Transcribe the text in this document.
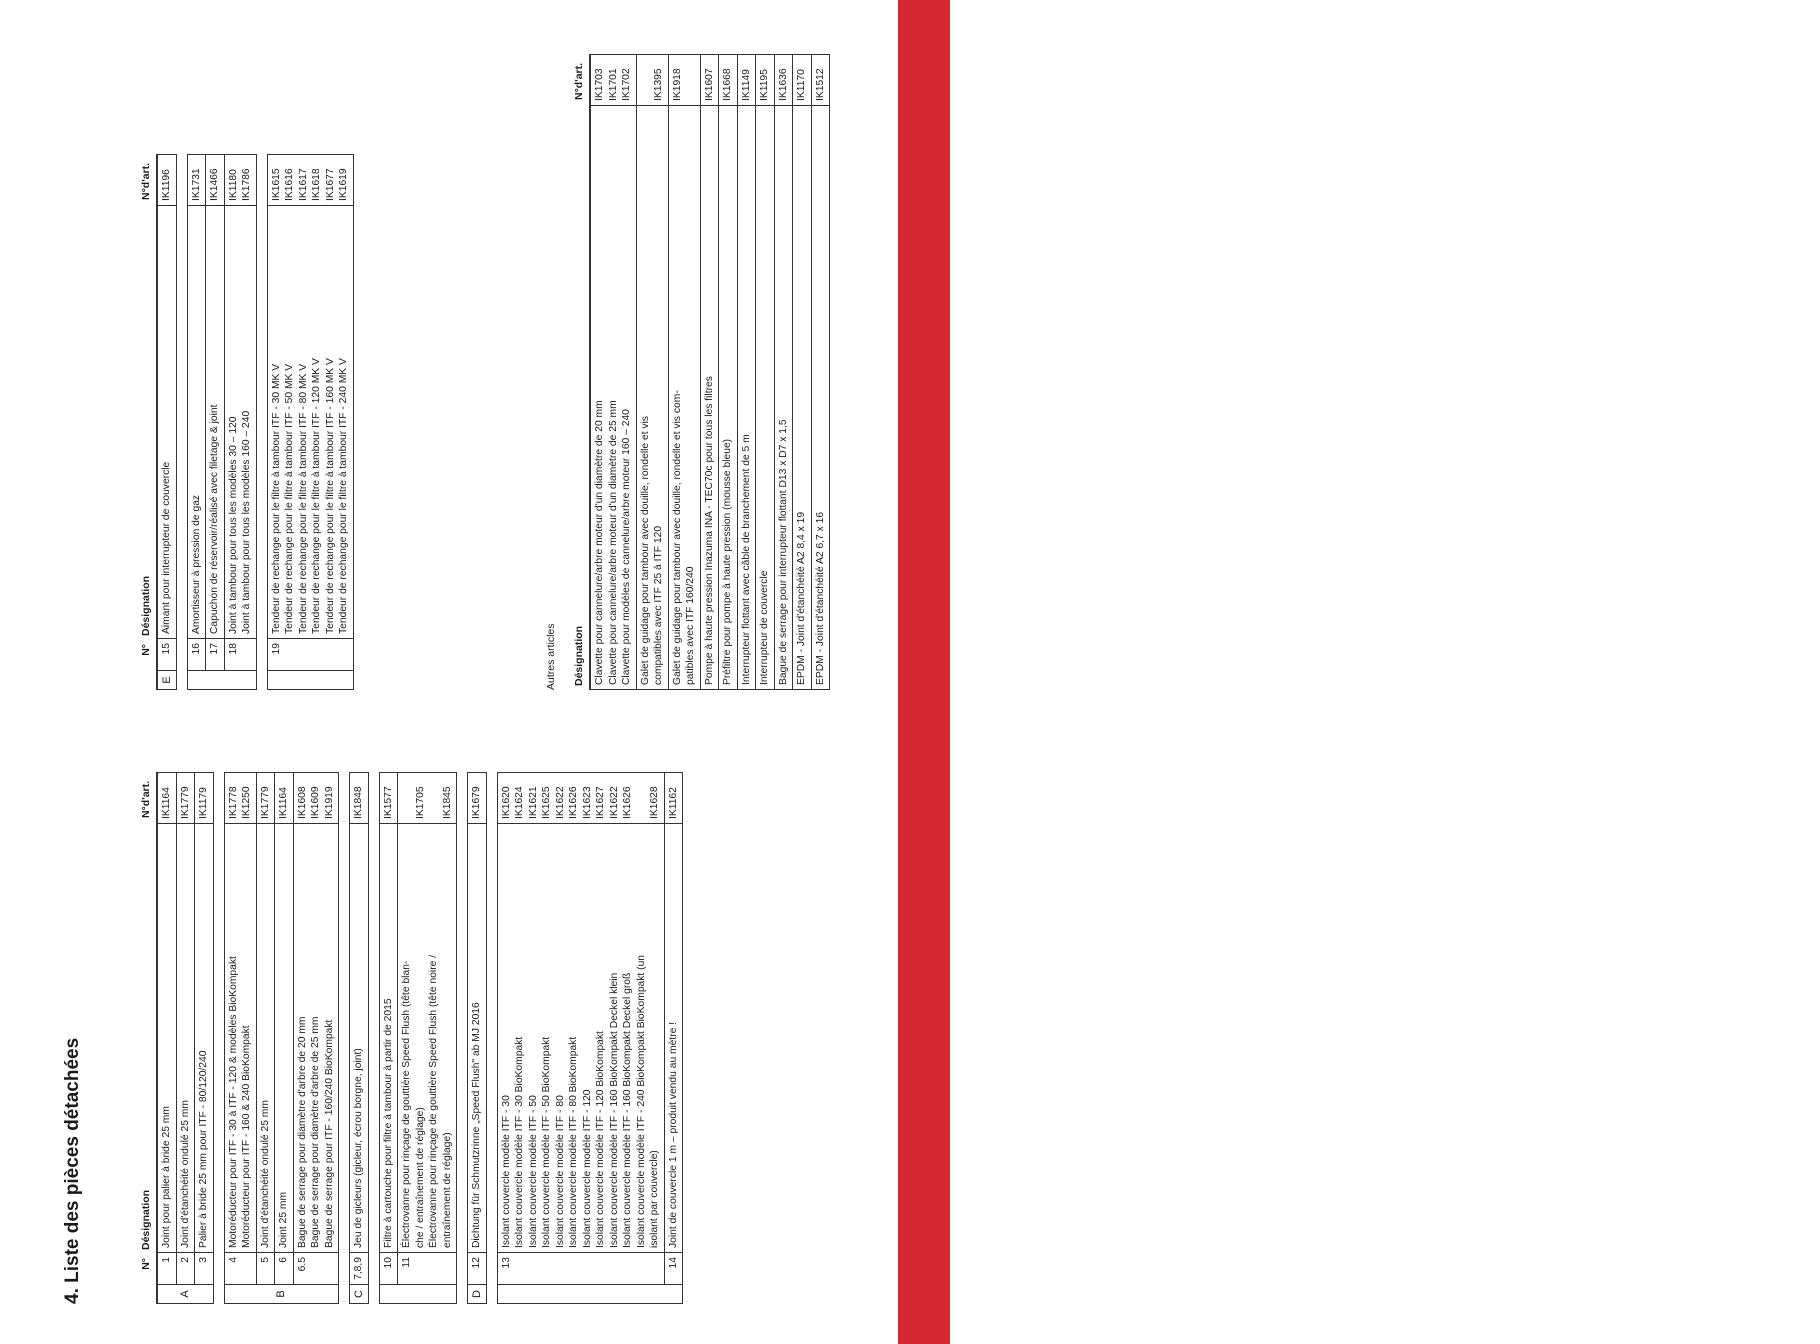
Hotline du service:
(+49) 821 - 72 91 97 1
Commandes:
vertrieb@inazuma-online.de
4. Liste des pièces détachées	N°
Désignation
N°d'art.
A
1
Joint pour palier à bride 25 mm
IK1164
2
Joint d'étanchéité ondulé 25 mm
IK1779
3
Palier à bride 25 mm pour ITF - 80/120/240
IK1179
B
4
Motoréducteur pour ITF - 30 à ITF - 120 & modèles BioKompakt Motoréducteur pour ITF - 160 & 240 BioKompakt
IK1778
IK1250
5
Joint d'étanchéité ondulé 25 mm
IK1779
6
Joint 25 mm
IK1164
6.5
Bague de serrage pour diamètre d'arbre de 20 mm Bague de serrage pour diamètre d'arbre de 25 mm Bague de serrage pour ITF - 160/240 BioKompakt
IK1608
IK1609
IK1919
C
7,8,9
Jeu de gicleurs (gicleur, écrou borgne, joint)
IK1848
10
Filtre à cartouche pour filtre à tambour à partir de 2015
IK1577
11
Électrovanne pour rinçage de gouttière Speed Flush (tête blan- che / entraînement de réglage) Électrovanne pour rinçage de gouttière Speed Flush (tête noire / entraînement de réglage)

IK1705

IK1845
D
12
Dichtung für Schmutzrinne „Speed Flush" ab MJ 2016
IK1679
13
Isolant couvercle modèle ITF - 30 Isolant couvercle modèle ITF - 30 BioKompakt Isolant couvercle modèle ITF - 50 Isolant couvercle modèle ITF - 50 BioKompakt Isolant couvercle modèle ITF - 80 Isolant couvercle modèle ITF - 80 BioKompakt Isolant couvercle modèle ITF - 120 Isolant couvercle modèle ITF - 120 BioKompakt Isolant couvercle modèle ITF - 160 BioKompakt Deckel klein Isolant couvercle modèle ITF - 160 BioKompakt Deckel groß Isolant couvercle modèle ITF - 240 BioKompakt BioKompakt (un isolant par couvercle)
IK1620
IK1624
IK1621
IK1625
IK1622
IK1626
IK1623
IK1627
IK1622
IK1626

IK1628
14
Joint de couvercle 1 m – produit vendu au mètre !
IK1162
N°
Désignation
N°d'art.
E
15
Aimant pour interrupteur de couvercle
IK1196
16
Amortisseur à pression de gaz
IK1731
17
Capuchon de réservoir/réalisé avec filetage & joint
IK1466
18
Joint à tambour pour tous les modèles 30 – 120 Joint à tambour pour tous les modèles 160 – 240
IK1180
IK1786
19
Tendeur de rechange pour le filtre à tambour ITF - 30 MK V Tendeur de rechange pour le filtre à tambour ITF - 50 MK V Tendeur de rechange pour le filtre à tambour ITF - 80 MK V Tendeur de rechange pour le filtre à tambour ITF - 120 MK V Tendeur de rechange pour le filtre à tambour ITF - 160 MK V Tendeur de rechange pour le filtre à tambour ITF - 240 MK V
IK1615
IK1616
IK1617
IK1618
IK1677
IK1619
Autres articles Désignation
N°d'art.
Clavette pour cannelure/arbre moteur d'un diamètre de 20 mm Clavette pour cannelure/arbre moteur d'un diamètre de 25 mm Clavette pour modèles de cannelure/arbre moteur 160 – 240
IK1703
IK1701
IK1702
Galet de guidage pour tambour avec douille, rondelle et vis compatibles avec ITF 25 à ITF 120

IK1395
Galet de guidage pour tambour avec douille, rondelle et vis com- patibles avec ITF 160/240
IK1918
Pompe à haute pression Inazuma INA - TEC70c pour tous les filtres
IK1607
Préfiltre pour pompe à haute pression (mousse bleue)
IK1668
Interrupteur flottant avec câble de branchement de 5 m
IK1149
Interrupteur de couvercle
IK1195
Bague de serrage pour interrupteur flottant D13 x D7 x 1,5
IK1636
EPDM - Joint d'étanchéité A2 8,4 x 19
IK1170
EPDM - Joint d'étanchéité A2 6,7 x 16
IK1512
